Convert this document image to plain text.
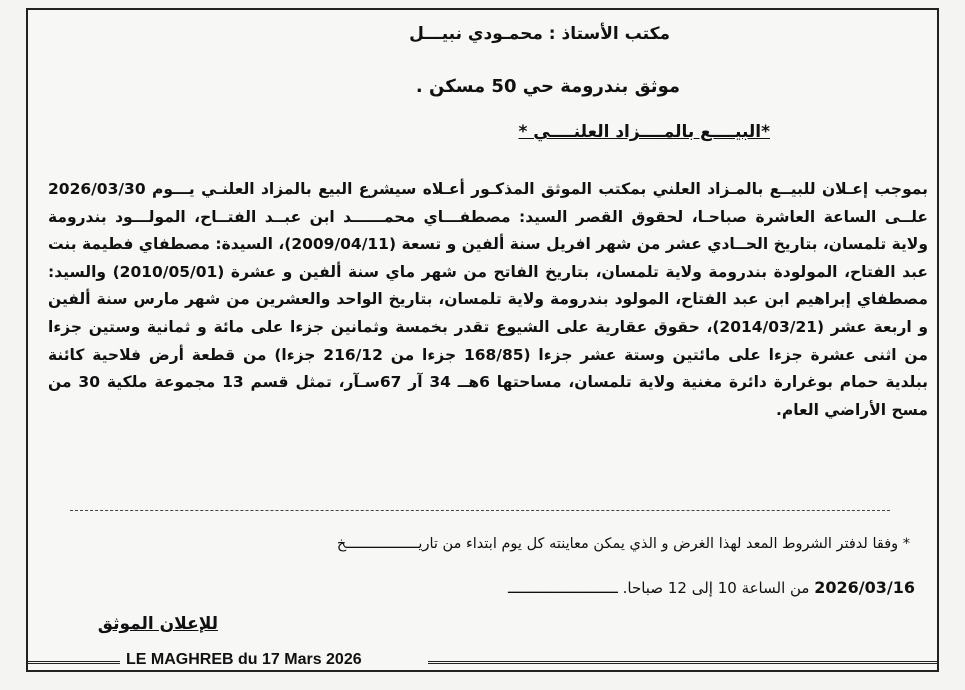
مكتب الأستاذ : محمـودي نبيـــل
موثق بندرومة حي 50 مسكن .
*البيــــع بالمــــزاد العلنــــي *
بموجب إعـلان للبيــع بالمـزاد العلني بمكتب الموثق المذكـور أعـلاه سيشرع البيع بالمزاد العلنـي يـــوم 2026/03/30 علــى الساعة العاشرة صباحـا، لحقوق القصر السيد: مصطفـــاي محمــــــد ابن عبــد الفتــاح، المولـــود بندرومة ولاية تلمسان، بتاريخ الحــادي عشر من شهر افريل سنة ألفين و تسعة (2009/04/11)، السيدة: مصطفاي فطيمة بنت عبد الفتاح، المولودة بندرومة ولاية تلمسان، بتاريخ الفاتح من شهر ماي سنة ألفين و عشرة (2010/05/01) والسيد: مصطفاي إبراهيم ابن عبد الفتاح، المولود بندرومة ولاية تلمسان، بتاريخ الواحد والعشرين من شهر مارس سنة ألفين و اربعة عشر (2014/03/21)، حقوق عقارية على الشيوع تقدر بخمسة وثمانين جزءا على مائة و ثمانية وستين جزءا من اثنى عشرة جزءا على مائتين وستة عشر جزءا (168/85 جزءا من 216/12 جزءا) من قطعة أرض فلاحية كائنة ببلدية حمام بوغرارة دائرة مغنية ولاية تلمسان، مساحتها 6هــ 34 آر 67سـآر، تمثل قسم 13 مجموعة ملكية 30 من مسح الأراضي العام.
* وفقا لدفتر الشروط المعد لهذا الغرض و الذي يمكن معاينته كل يوم ابتداء من تاريـــــــــــــــــخ
2026/03/16 من الساعة 10 إلى 12 صباحا. ـــــــــــــــــــــــــ
للإعلان الموثق
LE MAGHREB du 17 Mars 2026
